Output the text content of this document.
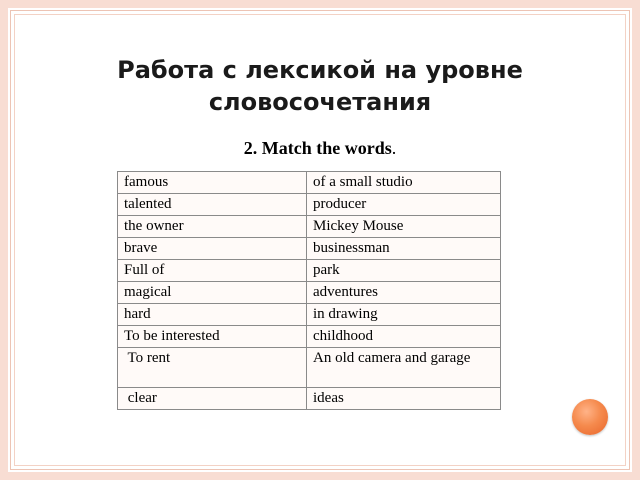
Работа с лексикой на уровне словосочетания
2. Match the words.
famous	of a small studio
talented	producer
the owner	Mickey Mouse
brave	businessman
Full of	park
magical	adventures
hard	in drawing
To be interested	childhood
To rent	An old camera and garage
clear	ideas
